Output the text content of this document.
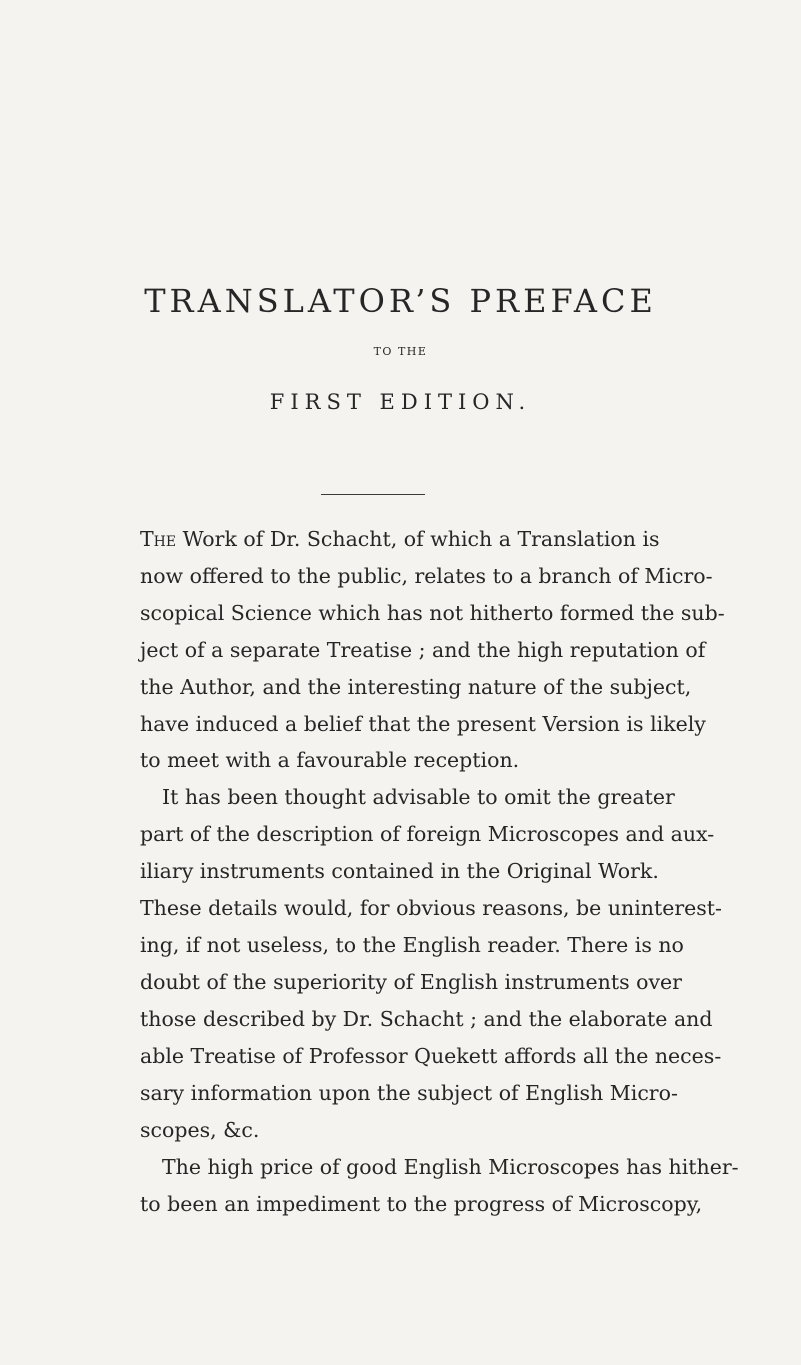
TRANSLATOR’S PREFACE
TO THE
FIRST EDITION.

The Work of Dr. Schacht, of which a Translation is

now offered to the public, relates to a branch of Micro-

scopical Science which has not hitherto formed the sub-

ject of a separate Treatise ; and the high reputation of

the Author, and the interesting nature of the subject,

have induced a belief that the present Version is likely

to meet with a favourable reception.

It has been thought advisable to omit the greater

part of the description of foreign Microscopes and aux-

iliary instruments contained in the Original Work.

These details would, for obvious reasons, be uninterest-

ing, if not useless, to the English reader. There is no

doubt of the superiority of English instruments over

those described by Dr. Schacht ; and the elaborate and

able Treatise of Professor Quekett affords all the neces-

sary information upon the subject of English Micro-

scopes, &c.

The high price of good English Microscopes has hither-

to been an impediment to the progress of Microscopy,
